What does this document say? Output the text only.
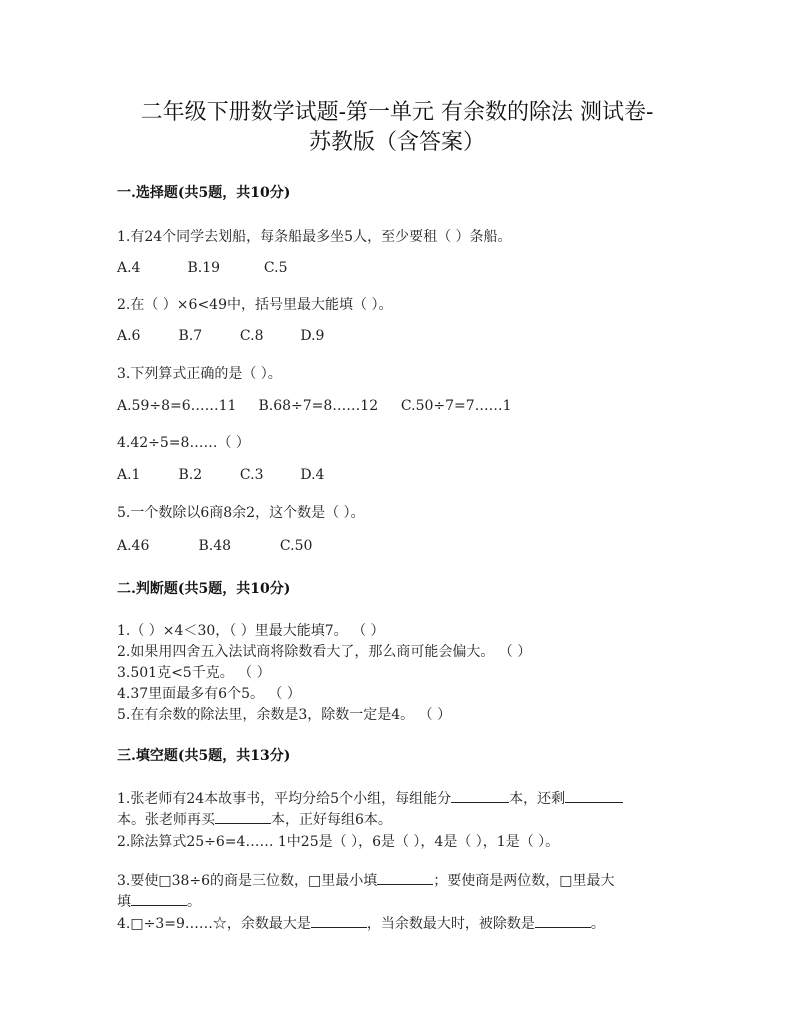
二年级下册数学试题-第一单元 有余数的除法 测试卷-
苏教版（含答案）
一.选择题(共5题，共10分)
1.有24个同学去划船，每条船最多坐5人，至少要租（ ）条船。
A.4	B.19	C.5
2.在（ ）×6<49中，括号里最大能填（ ）。
A.6	B.7	C.8	D.9
3.下列算式正确的是（ ）。
A.59÷8=6……11 B.68÷7=8……12 C.50÷7=7……1
4.42÷5=8……（ ）
A.1	B.2	C.3	D.4
5.一个数除以6商8余2，这个数是（ ）。
A.46	B.48	C.50
二.判断题(共5题，共10分)
1.（ ）×4＜30，（ ）里最大能填7。 （ ）
2.如果用四舍五入法试商将除数看大了，那么商可能会偏大。 （ ）
3.501克<5千克。 （ ）
4.37里面最多有6个5。 （ ）
5.在有余数的除法里，余数是3，除数一定是4。 （ ）
三.填空题(共5题，共13分)
1.张老师有24本故事书，平均分给5个小组，每组能分	本，还剩
本。张老师再买	本，正好每组6本。
2.除法算式25÷6=4…… 1中25是（ ），6是（ ），4是（ ），1是（ ）。
3.要使□38÷6的商是三位数，□里最小填	；要使商是两位数，□里最大
填	。
4.□÷3=9……☆，余数最大是	，当余数最大时，被除数是	。
